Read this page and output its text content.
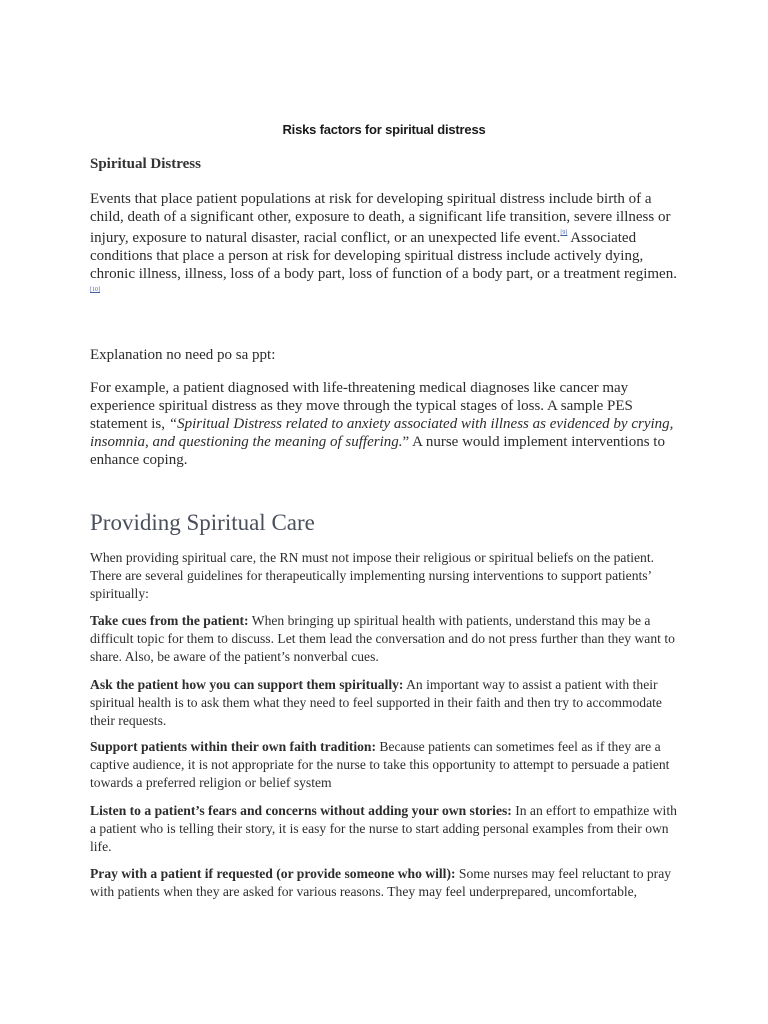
Risks factors for spiritual distress
Spiritual Distress
Events that place patient populations at risk for developing spiritual distress include birth of a child, death of a significant other, exposure to death, a significant life transition, severe illness or injury, exposure to natural disaster, racial conflict, or an unexpected life event.[9] Associated conditions that place a person at risk for developing spiritual distress include actively dying, chronic illness, illness, loss of a body part, loss of function of a body part, or a treatment regimen.[10]
Explanation no need po sa ppt:
For example, a patient diagnosed with life-threatening medical diagnoses like cancer may experience spiritual distress as they move through the typical stages of loss. A sample PES statement is, “Spiritual Distress related to anxiety associated with illness as evidenced by crying, insomnia, and questioning the meaning of suffering.” A nurse would implement interventions to enhance coping.
Providing Spiritual Care
When providing spiritual care, the RN must not impose their religious or spiritual beliefs on the patient. There are several guidelines for therapeutically implementing nursing interventions to support patients’ spiritually:
Take cues from the patient: When bringing up spiritual health with patients, understand this may be a difficult topic for them to discuss. Let them lead the conversation and do not press further than they want to share. Also, be aware of the patient’s nonverbal cues.
Ask the patient how you can support them spiritually: An important way to assist a patient with their spiritual health is to ask them what they need to feel supported in their faith and then try to accommodate their requests.
Support patients within their own faith tradition: Because patients can sometimes feel as if they are a captive audience, it is not appropriate for the nurse to take this opportunity to attempt to persuade a patient towards a preferred religion or belief system
Listen to a patient’s fears and concerns without adding your own stories: In an effort to empathize with a patient who is telling their story, it is easy for the nurse to start adding personal examples from their own life.
Pray with a patient if requested (or provide someone who will): Some nurses may feel reluctant to pray with patients when they are asked for various reasons. They may feel underprepared, uncomfortable,
